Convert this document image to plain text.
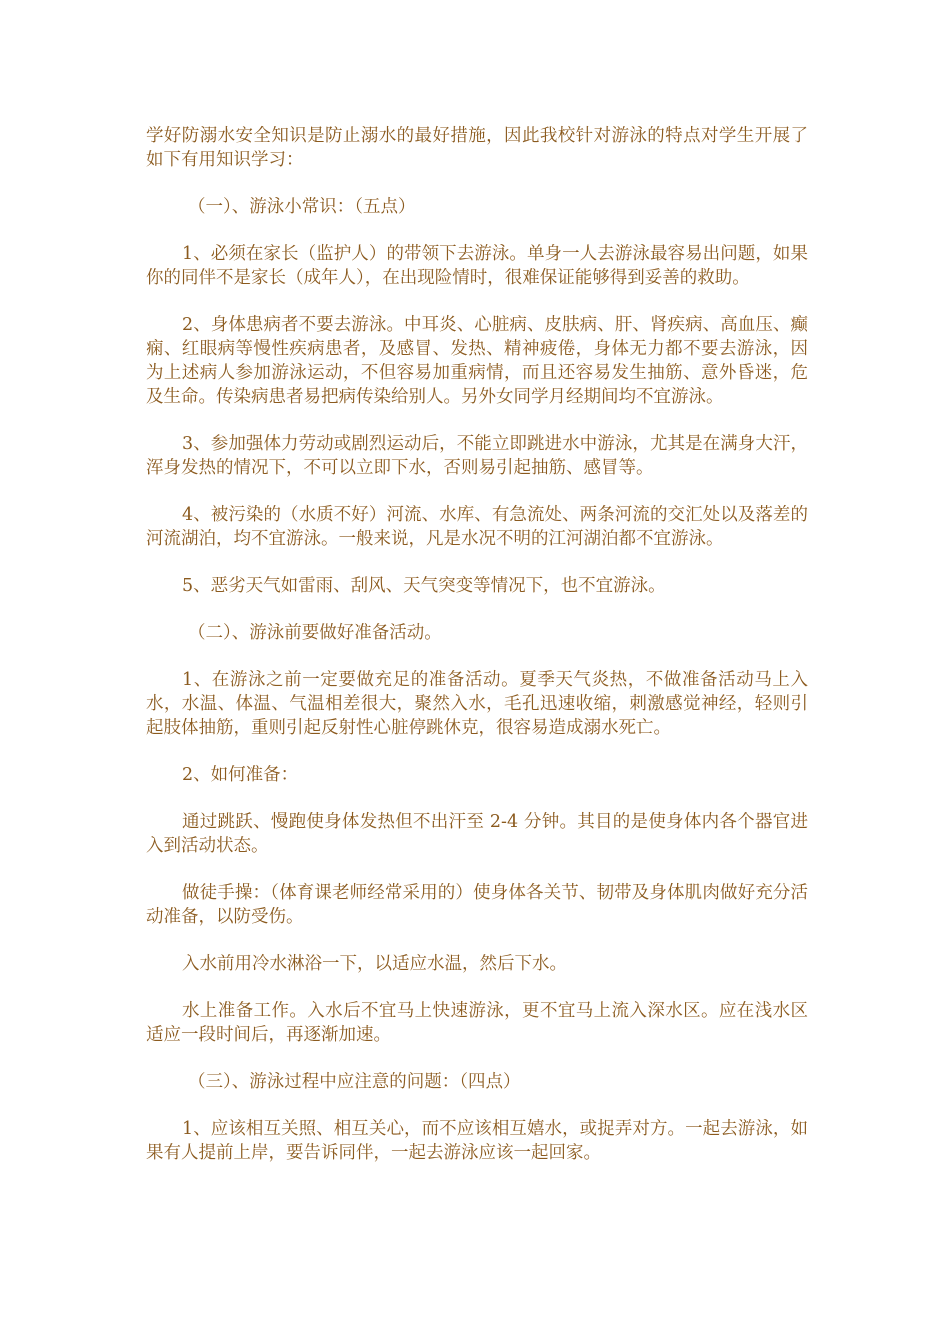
学好防溺水安全知识是防止溺水的最好措施，因此我校针对游泳的特点对学生开展了如下有用知识学习：

（一）、游泳小常识：（五点）

1、必须在家长（监护人）的带领下去游泳。单身一人去游泳最容易出问题，如果你的同伴不是家长（成年人），在出现险情时，很难保证能够得到妥善的救助。

2、身体患病者不要去游泳。中耳炎、心脏病、皮肤病、肝、肾疾病、高血压、癫痫、红眼病等慢性疾病患者，及感冒、发热、精神疲倦，身体无力都不要去游泳，因为上述病人参加游泳运动，不但容易加重病情，而且还容易发生抽筋、意外昏迷，危及生命。传染病患者易把病传染给别人。另外女同学月经期间均不宜游泳。

3、参加强体力劳动或剧烈运动后，不能立即跳进水中游泳，尤其是在满身大汗，浑身发热的情况下，不可以立即下水，否则易引起抽筋、感冒等。

4、被污染的（水质不好）河流、水库、有急流处、两条河流的交汇处以及落差的河流湖泊，均不宜游泳。一般来说，凡是水况不明的江河湖泊都不宜游泳。

5、恶劣天气如雷雨、刮风、天气突变等情况下，也不宜游泳。

（二）、游泳前要做好准备活动。

1、在游泳之前一定要做充足的准备活动。夏季天气炎热，不做准备活动马上入水，水温、体温、气温相差很大，聚然入水，毛孔迅速收缩，刺激感觉神经，轻则引起肢体抽筋，重则引起反射性心脏停跳休克，很容易造成溺水死亡。

2、如何准备：

通过跳跃、慢跑使身体发热但不出汗至 2-4 分钟。其目的是使身体内各个器官进入到活动状态。

做徒手操：（体育课老师经常采用的）使身体各关节、韧带及身体肌肉做好充分活动准备，以防受伤。

入水前用冷水淋浴一下，以适应水温，然后下水。

水上准备工作。入水后不宜马上快速游泳，更不宜马上流入深水区。应在浅水区适应一段时间后，再逐渐加速。

（三）、游泳过程中应注意的问题：（四点）

1、应该相互关照、相互关心，而不应该相互嬉水，或捉弄对方。一起去游泳，如果有人提前上岸，要告诉同伴，一起去游泳应该一起回家。
